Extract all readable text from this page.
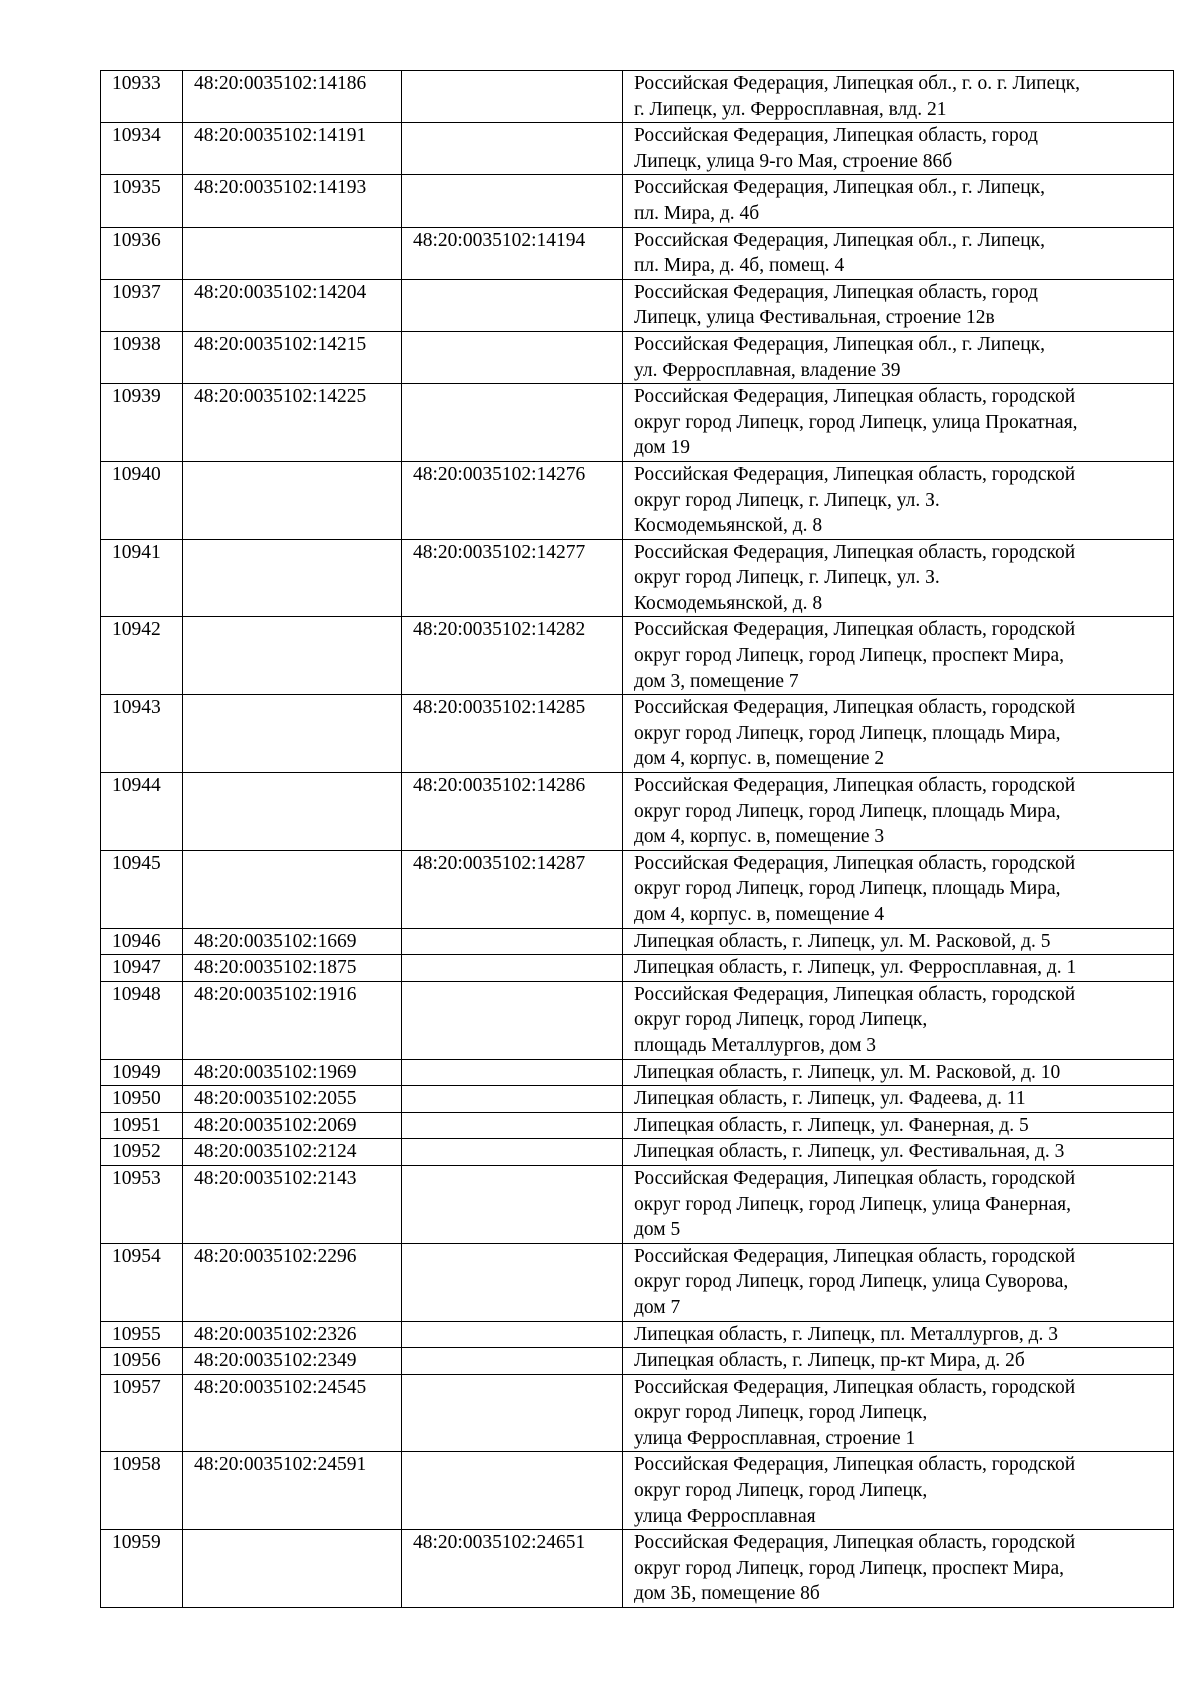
10933	48:20:0035102:14186		Российская Федерация, Липецкая обл., г. о. г. Липецк,
г. Липецк, ул. Ферросплавная, влд. 21

10934	48:20:0035102:14191		Российская Федерация, Липецкая область, город
Липецк, улица 9-го Мая, строение 86б

10935	48:20:0035102:14193		Российская Федерация, Липецкая обл., г. Липецк,
пл. Мира, д. 4б

10936		48:20:0035102:14194	Российская Федерация, Липецкая обл., г. Липецк,
пл. Мира, д. 4б, помещ. 4

10937	48:20:0035102:14204		Российская Федерация, Липецкая область, город
Липецк, улица Фестивальная, строение 12в

10938	48:20:0035102:14215		Российская Федерация, Липецкая обл., г. Липецк,
ул. Ферросплавная, владение 39

10939	48:20:0035102:14225		Российская Федерация, Липецкая область, городской
округ город Липецк, город Липецк, улица Прокатная,
дом 19

10940		48:20:0035102:14276	Российская Федерация, Липецкая область, городской
округ город Липецк, г. Липецк, ул. З.
Космодемьянской, д. 8

10941		48:20:0035102:14277	Российская Федерация, Липецкая область, городской
округ город Липецк, г. Липецк, ул. З.
Космодемьянской, д. 8

10942		48:20:0035102:14282	Российская Федерация, Липецкая область, городской
округ город Липецк, город Липецк, проспект Мира,
дом 3, помещение 7

10943		48:20:0035102:14285	Российская Федерация, Липецкая область, городской
округ город Липецк, город Липецк, площадь Мира,
дом 4, корпус. в, помещение 2

10944		48:20:0035102:14286	Российская Федерация, Липецкая область, городской
округ город Липецк, город Липецк, площадь Мира,
дом 4, корпус. в, помещение 3

10945		48:20:0035102:14287	Российская Федерация, Липецкая область, городской
округ город Липецк, город Липецк, площадь Мира,
дом 4, корпус. в, помещение 4

10946	48:20:0035102:1669		Липецкая область, г. Липецк, ул. М. Расковой, д. 5

10947	48:20:0035102:1875		Липецкая область, г. Липецк, ул. Ферросплавная, д. 1

10948	48:20:0035102:1916		Российская Федерация, Липецкая область, городской
округ город Липецк, город Липецк,
площадь Металлургов, дом 3

10949	48:20:0035102:1969		Липецкая область, г. Липецк, ул. М. Расковой, д. 10

10950	48:20:0035102:2055		Липецкая область, г. Липецк, ул. Фадеева, д. 11

10951	48:20:0035102:2069		Липецкая область, г. Липецк, ул. Фанерная, д. 5

10952	48:20:0035102:2124		Липецкая область, г. Липецк, ул. Фестивальная, д. 3

10953	48:20:0035102:2143		Российская Федерация, Липецкая область, городской
округ город Липецк, город Липецк, улица Фанерная,
дом 5

10954	48:20:0035102:2296		Российская Федерация, Липецкая область, городской
округ город Липецк, город Липецк, улица Суворова,
дом 7

10955	48:20:0035102:2326		Липецкая область, г. Липецк, пл. Металлургов, д. 3

10956	48:20:0035102:2349		Липецкая область, г. Липецк, пр-кт Мира, д. 2б

10957	48:20:0035102:24545		Российская Федерация, Липецкая область, городской
округ город Липецк, город Липецк,
улица Ферросплавная, строение 1

10958	48:20:0035102:24591		Российская Федерация, Липецкая область, городской
округ город Липецк, город Липецк,
улица Ферросплавная

10959		48:20:0035102:24651	Российская Федерация, Липецкая область, городской
округ город Липецк, город Липецк, проспект Мира,
дом 3Б, помещение 8б
